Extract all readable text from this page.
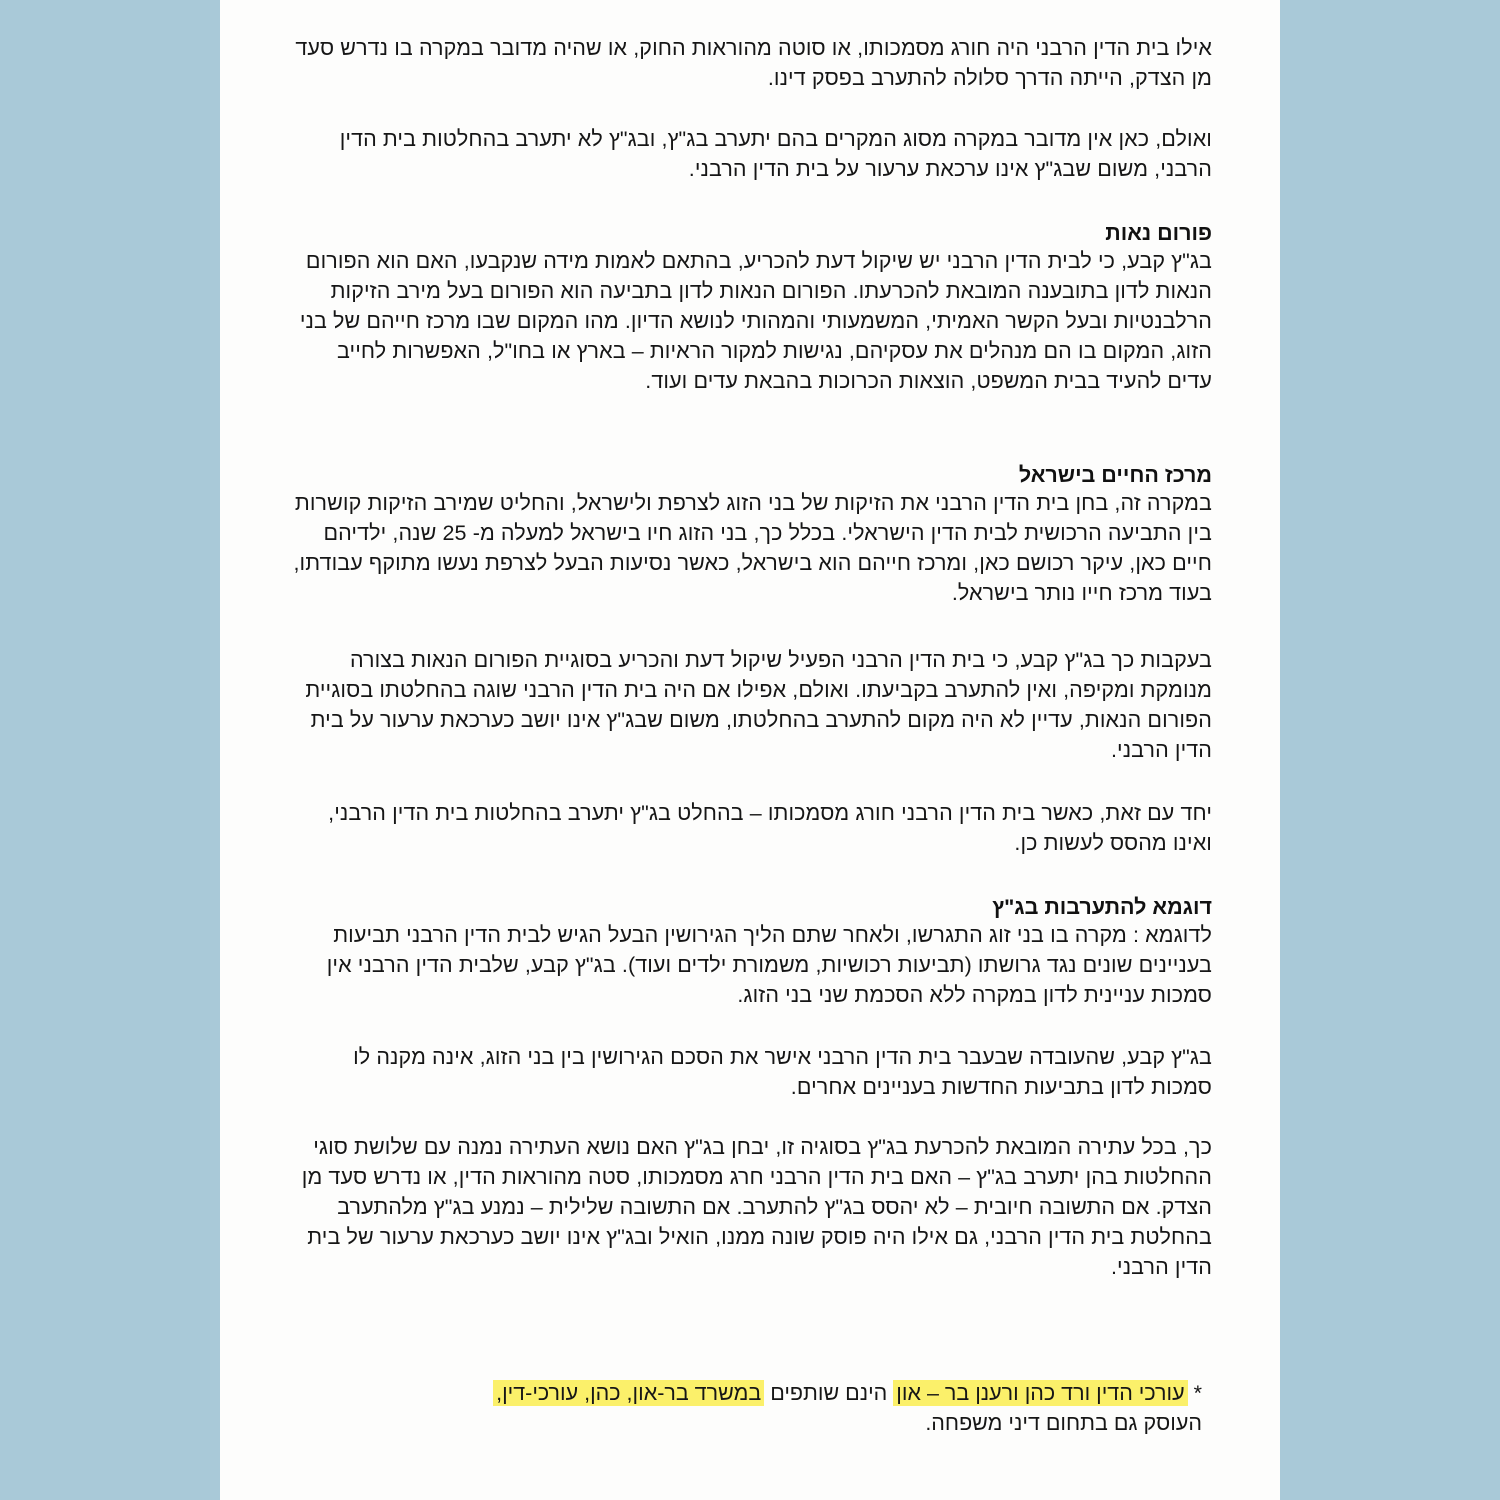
אילו בית הדין הרבני היה חורג מסמכותו, או סוטה מהוראות החוק, או שהיה מדובר במקרה בו נדרש סעד מן הצדק, הייתה הדרך סלולה להתערב בפסק דינו.
ואולם, כאן אין מדובר במקרה מסוג המקרים בהם יתערב בג"ץ, ובג"ץ לא יתערב בהחלטות בית הדין הרבני, משום שבג"ץ אינו ערכאת ערעור על בית הדין הרבני.
פורום נאות
בג"ץ קבע, כי לבית הדין הרבני יש שיקול דעת להכריע, בהתאם לאמות מידה שנקבעו, האם הוא הפורום הנאות לדון בתובענה המובאת להכרעתו. הפורום הנאות לדון בתביעה הוא הפורום בעל מירב הזיקות הרלבנטיות ובעל הקשר האמיתי, המשמעותי והמהותי לנושא הדיון. מהו המקום שבו מרכז חייהם של בני הזוג, המקום בו הם מנהלים את עסקיהם, נגישות למקור הראיות – בארץ או בחו"ל, האפשרות לחייב עדים להעיד בבית המשפט, הוצאות הכרוכות בהבאת עדים ועוד.
מרכז החיים בישראל
במקרה זה, בחן בית הדין הרבני את הזיקות של בני הזוג לצרפת ולישראל, והחליט שמירב הזיקות קושרות בין התביעה הרכושית לבית הדין הישראלי. בכלל כך, בני הזוג חיו בישראל למעלה מ- 25 שנה, ילדיהם חיים כאן, עיקר רכושם כאן, ומרכז חייהם הוא בישראל, כאשר נסיעות הבעל לצרפת נעשו מתוקף עבודתו, בעוד מרכז חייו נותר בישראל.
בעקבות כך בג"ץ קבע, כי בית הדין הרבני הפעיל שיקול דעת והכריע בסוגיית הפורום הנאות בצורה מנומקת ומקיפה, ואין להתערב בקביעתו. ואולם, אפילו אם היה בית הדין הרבני שוגה בהחלטתו בסוגיית הפורום הנאות, עדיין לא היה מקום להתערב בהחלטתו, משום שבג"ץ אינו יושב כערכאת ערעור על בית הדין הרבני.
יחד עם זאת, כאשר בית הדין הרבני חורג מסמכותו – בהחלט בג"ץ יתערב בהחלטות בית הדין הרבני, ואינו מהסס לעשות כן.
דוגמא להתערבות בג"ץ
לדוגמא : מקרה בו בני זוג התגרשו, ולאחר שתם הליך הגירושין הבעל הגיש לבית הדין הרבני תביעות בעניינים שונים נגד גרושתו (תביעות רכושיות, משמורת ילדים ועוד). בג"ץ קבע, שלבית הדין הרבני אין סמכות עניינית לדון במקרה ללא הסכמת שני בני הזוג.
בג"ץ קבע, שהעובדה שבעבר בית הדין הרבני אישר את הסכם הגירושין בין בני הזוג, אינה מקנה לו סמכות לדון בתביעות החדשות בעניינים אחרים.
כך, בכל עתירה המובאת להכרעת בג"ץ בסוגיה זו, יבחן בג"ץ האם נושא העתירה נמנה עם שלושת סוגי ההחלטות בהן יתערב בג"ץ – האם בית הדין הרבני חרג מסמכותו, סטה מהוראות הדין, או נדרש סעד מן הצדק. אם התשובה חיובית – לא יהסס בג"ץ להתערב. אם התשובה שלילית – נמנע בג"ץ מלהתערב בהחלטת בית הדין הרבני, גם אילו היה פוסק שונה ממנו, הואיל ובג"ץ אינו יושב כערכאת ערעור של בית הדין הרבני.
* עורכי הדין ורד כהן ורענן בר – און הינם שותפים במשרד בר-און, כהן, עורכי-דין,
העוסק גם בתחום דיני משפחה.
